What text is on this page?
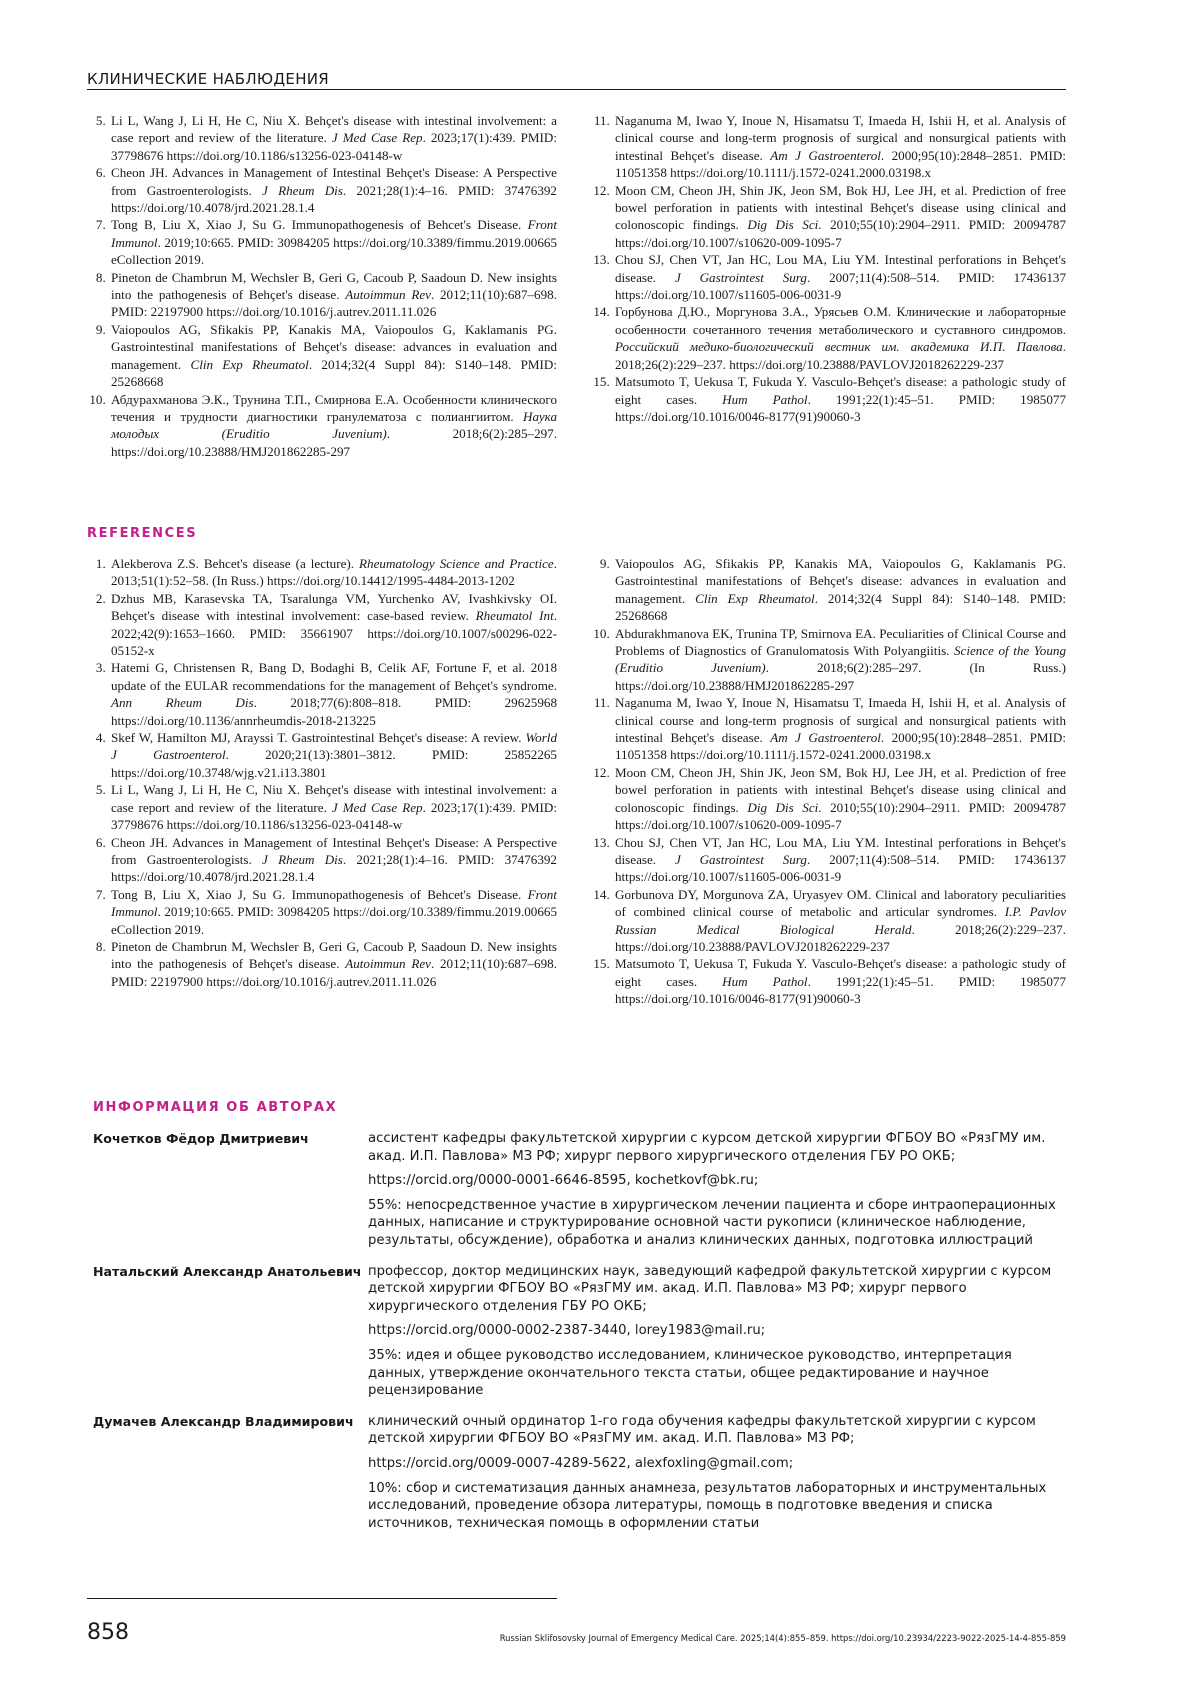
КЛИНИЧЕСКИЕ НАБЛЮДЕНИЯ
5. Li L, Wang J, Li H, He C, Niu X. Behçet's disease with intestinal involvement: a case report and review of the literature. J Med Case Rep. 2023;17(1):439. PMID: 37798676 https://doi.org/10.1186/s13256-023-04148-w
6. Cheon JH. Advances in Management of Intestinal Behçet's Disease: A Perspective from Gastroenterologists. J Rheum Dis. 2021;28(1):4–16. PMID: 37476392 https://doi.org/10.4078/jrd.2021.28.1.4
7. Tong B, Liu X, Xiao J, Su G. Immunopathogenesis of Behcet's Disease. Front Immunol. 2019;10:665. PMID: 30984205 https://doi.org/10.3389/fimmu.2019.00665 eCollection 2019.
8. Pineton de Chambrun M, Wechsler B, Geri G, Cacoub P, Saadoun D. New insights into the pathogenesis of Behçet's disease. Autoimmun Rev. 2012;11(10):687–698. PMID: 22197900 https://doi.org/10.1016/j.autrev.2011.11.026
9. Vaiopoulos AG, Sfikakis PP, Kanakis MA, Vaiopoulos G, Kaklamanis PG. Gastrointestinal manifestations of Behçet's disease: advances in evaluation and management. Clin Exp Rheumatol. 2014;32(4 Suppl 84): S140–148. PMID: 25268668
10. Абдурахманова Э.К., Трунина Т.П., Смирнова Е.А. Особенности клинического течения и трудности диагностики гранулематоза с полиангиитом. Наука молодых (Eruditio Juvenium). 2018;6(2):285–297. https://doi.org/10.23888/HMJ201862285-297
11. Naganuma M, Iwao Y, Inoue N, Hisamatsu T, Imaeda H, Ishii H, et al. Analysis of clinical course and long-term prognosis of surgical and nonsurgical patients with intestinal Behçet's disease. Am J Gastroenterol. 2000;95(10):2848–2851. PMID: 11051358 https://doi.org/10.1111/j.1572-0241.2000.03198.x
12. Moon CM, Cheon JH, Shin JK, Jeon SM, Bok HJ, Lee JH, et al. Prediction of free bowel perforation in patients with intestinal Behçet's disease using clinical and colonoscopic findings. Dig Dis Sci. 2010;55(10):2904–2911. PMID: 20094787 https://doi.org/10.1007/s10620-009-1095-7
13. Chou SJ, Chen VT, Jan HC, Lou MA, Liu YM. Intestinal perforations in Behçet's disease. J Gastrointest Surg. 2007;11(4):508–514. PMID: 17436137 https://doi.org/10.1007/s11605-006-0031-9
14. Горбунова Д.Ю., Моргунова З.А., Урясьев О.М. Клинические и лабораторные особенности сочетанного течения метаболического и суставного синдромов. Российский медико-биологический вестник им. академика И.П. Павлова. 2018;26(2):229–237. https://doi.org/10.23888/PAVLOVJ2018262229-237
15. Matsumoto T, Uekusa T, Fukuda Y. Vasculo-Behçet's disease: a pathologic study of eight cases. Hum Pathol. 1991;22(1):45–51. PMID: 1985077 https://doi.org/10.1016/0046-8177(91)90060-3
REFERENCES
1. Alekberova Z.S. Behcet's disease (a lecture). Rheumatology Science and Practice. 2013;51(1):52–58. (In Russ.) https://doi.org/10.14412/1995-4484-2013-1202
2. Dzhus MB, Karasevska TA, Tsaralunga VM, Yurchenko AV, Ivashkivsky OI. Behçet's disease with intestinal involvement: case-based review. Rheumatol Int. 2022;42(9):1653–1660. PMID: 35661907 https://doi.org/10.1007/s00296-022-05152-x
3. Hatemi G, Christensen R, Bang D, Bodaghi B, Celik AF, Fortune F, et al. 2018 update of the EULAR recommendations for the management of Behçet's syndrome. Ann Rheum Dis. 2018;77(6):808–818. PMID: 29625968 https://doi.org/10.1136/annrheumdis-2018-213225
4. Skef W, Hamilton MJ, Arayssi T. Gastrointestinal Behçet's disease: A review. World J Gastroenterol. 2020;21(13):3801–3812. PMID: 25852265 https://doi.org/10.3748/wjg.v21.i13.3801
5. Li L, Wang J, Li H, He C, Niu X. Behçet's disease with intestinal involvement: a case report and review of the literature. J Med Case Rep. 2023;17(1):439. PMID: 37798676 https://doi.org/10.1186/s13256-023-04148-w
6. Cheon JH. Advances in Management of Intestinal Behçet's Disease: A Perspective from Gastroenterologists. J Rheum Dis. 2021;28(1):4–16. PMID: 37476392 https://doi.org/10.4078/jrd.2021.28.1.4
7. Tong B, Liu X, Xiao J, Su G. Immunopathogenesis of Behcet's Disease. Front Immunol. 2019;10:665. PMID: 30984205 https://doi.org/10.3389/fimmu.2019.00665 eCollection 2019.
8. Pineton de Chambrun M, Wechsler B, Geri G, Cacoub P, Saadoun D. New insights into the pathogenesis of Behçet's disease. Autoimmun Rev. 2012;11(10):687–698. PMID: 22197900 https://doi.org/10.1016/j.autrev.2011.11.026
9. Vaiopoulos AG, Sfikakis PP, Kanakis MA, Vaiopoulos G, Kaklamanis PG. Gastrointestinal manifestations of Behçet's disease: advances in evaluation and management. Clin Exp Rheumatol. 2014;32(4 Suppl 84): S140–148. PMID: 25268668
10. Abdurakhmanova EK, Trunina TP, Smirnova EA. Peculiarities of Clinical Course and Problems of Diagnostics of Granulomatosis With Polyangiitis. Science of the Young (Eruditio Juvenium). 2018;6(2):285–297. (In Russ.) https://doi.org/10.23888/HMJ201862285-297
11. Naganuma M, Iwao Y, Inoue N, Hisamatsu T, Imaeda H, Ishii H, et al. Analysis of clinical course and long-term prognosis of surgical and nonsurgical patients with intestinal Behçet's disease. Am J Gastroenterol. 2000;95(10):2848–2851. PMID: 11051358 https://doi.org/10.1111/j.1572-0241.2000.03198.x
12. Moon CM, Cheon JH, Shin JK, Jeon SM, Bok HJ, Lee JH, et al. Prediction of free bowel perforation in patients with intestinal Behçet's disease using clinical and colonoscopic findings. Dig Dis Sci. 2010;55(10):2904–2911. PMID: 20094787 https://doi.org/10.1007/s10620-009-1095-7
13. Chou SJ, Chen VT, Jan HC, Lou MA, Liu YM. Intestinal perforations in Behçet's disease. J Gastrointest Surg. 2007;11(4):508–514. PMID: 17436137 https://doi.org/10.1007/s11605-006-0031-9
14. Gorbunova DY, Morgunova ZA, Uryasyev OM. Clinical and laboratory peculiarities of combined clinical course of metabolic and articular syndromes. I.P. Pavlov Russian Medical Biological Herald. 2018;26(2):229–237. https://doi.org/10.23888/PAVLOVJ2018262229-237
15. Matsumoto T, Uekusa T, Fukuda Y. Vasculo-Behçet's disease: a pathologic study of eight cases. Hum Pathol. 1991;22(1):45–51. PMID: 1985077 https://doi.org/10.1016/0046-8177(91)90060-3
ИНФОРМАЦИЯ ОБ АВТОРАХ
Кочетков Фёдор Дмитриевич	ассистент кафедры факультетской хирургии с курсом детской хирургии ФГБОУ ВО «РязГМУ им. акад. И.П. Павлова» МЗ РФ; хирург первого хирургического отделения ГБУ РО ОКБ;

https://orcid.org/0000-0001-6646-8595, kochetkovf@bk.ru;

55%: непосредственное участие в хирургическом лечении пациента и сборе интраоперационных данных, написание и структурирование основной части рукописи (клиническое наблюдение, результаты, обсуждение), обработка и анализ клинических данных, подготовка иллюстраций

Натальский Александр Анатольевич профессор, доктор медицинских наук, заведующий кафедрой факультетской хирургии с курсом детской хирургии ФГБОУ ВО «РязГМУ им. акад. И.П. Павлова» МЗ РФ; хирург первого хирургического отделения ГБУ РО ОКБ;

https://orcid.org/0000-0002-2387-3440, lorey1983@mail.ru;

35%: идея и общее руководство исследованием, клиническое руководство, интерпретация данных, утверждение окончательного текста статьи, общее редактирование и научное рецензирование

Думачев Александр Владимирович	клинический очный ординатор 1-го года обучения кафедры факультетской хирургии с курсом детской хирургии ФГБОУ ВО «РязГМУ им. акад. И.П. Павлова» МЗ РФ;

https://orcid.org/0009-0007-4289-5622, alexfoxling@gmail.com;

10%: сбор и систематизация данных анамнеза, результатов лабораторных и инструментальных исследований, проведение обзора литературы, помощь в подготовке введения и списка источников, техническая помощь в оформлении статьи

858	Russian Sklifosovsky Journal of Emergency Medical Care. 2025;14(4):855–859. https://doi.org/10.23934/2223-9022-2025-14-4-855-859
